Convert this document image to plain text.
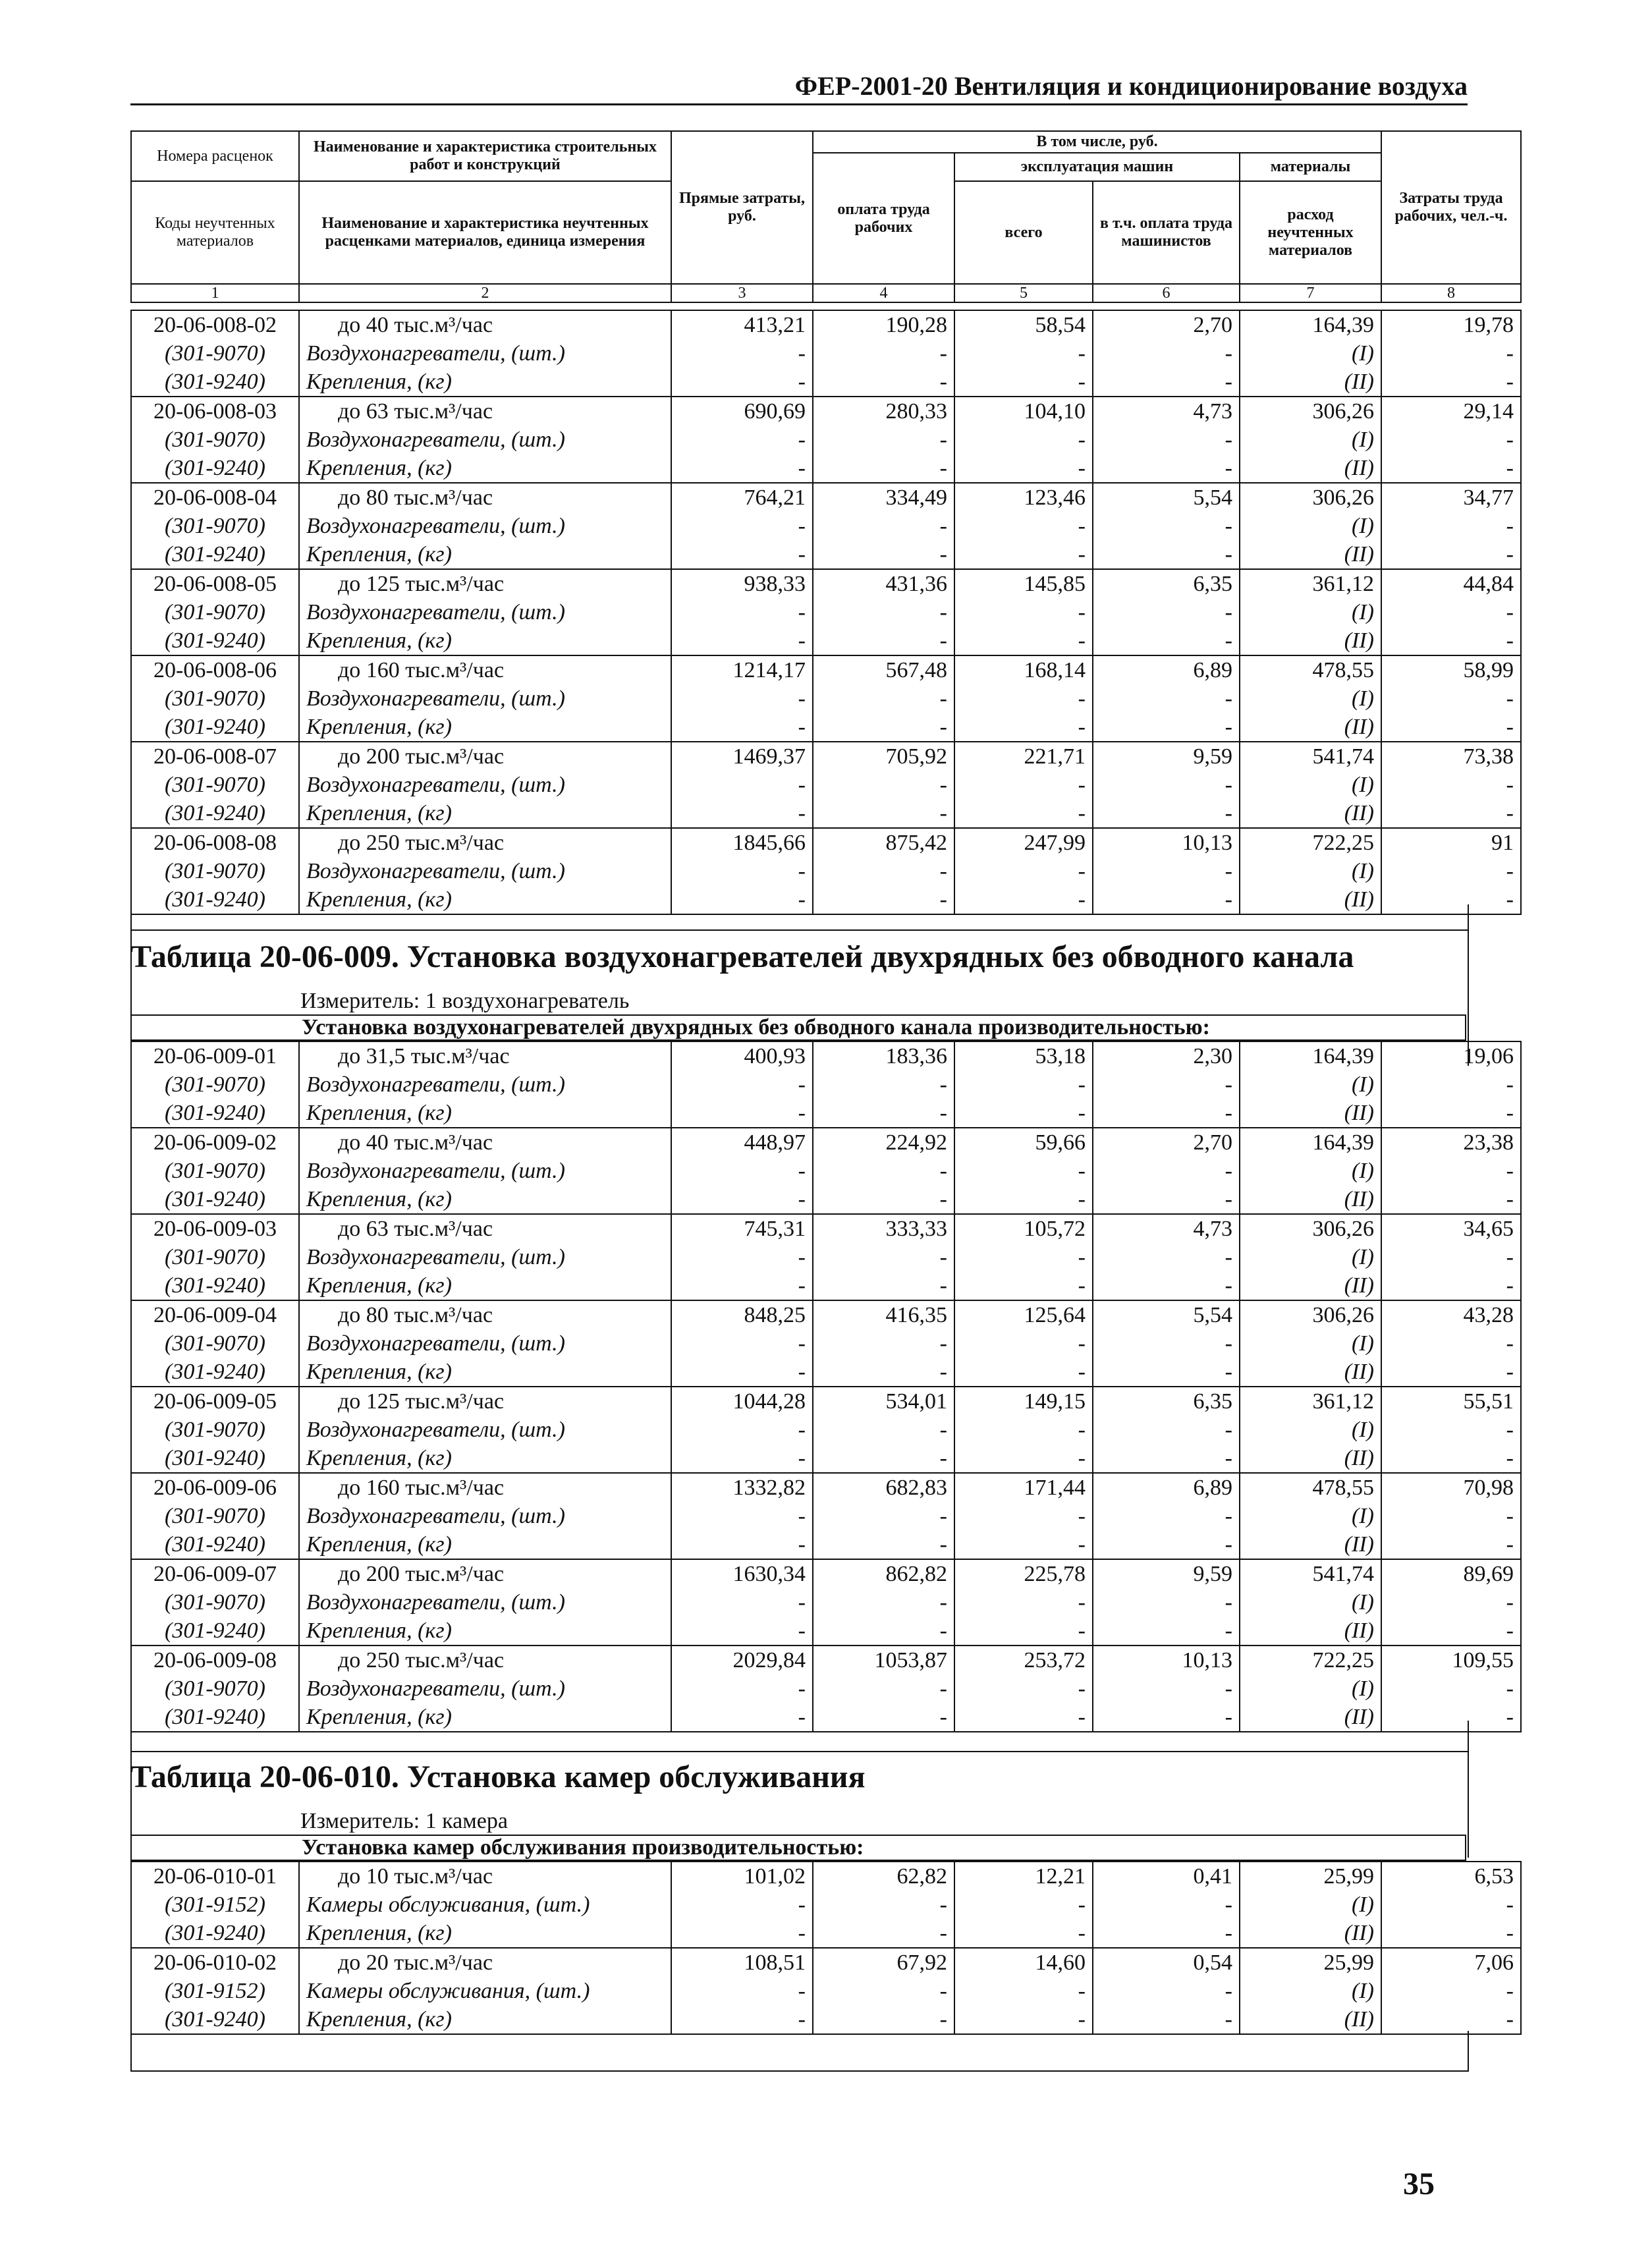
ФЕР-2001-20 Вентиляция и кондиционирование воздуха
Номера расценок	Наименование и характеристика строительных работ и конструкций	Прямые затраты, руб.	В том числе, руб.				Затраты труда рабочих, чел.-ч.
			оплата труда рабочих	эксплуатация машин		материалы	
Коды неучтенных материалов	Наименование и характеристика неучтенных расценками материалов, единица измерения			всего	в т.ч. оплата труда машинистов	расход неучтенных материалов	

1	2	3	4	5	6	7	8
20-06-008-02	до 40 тыс.м³/час	413,21	190,28	58,54	2,70	164,39	19,78
(301-9070)	Воздухонагреватели, (шт.)	-	-	-	-	(I)	-
(301-9240)	Крепления, (кг)	-	-	-	-	(II)	-
20-06-008-03	до 63 тыс.м³/час	690,69	280,33	104,10	4,73	306,26	29,14
(301-9070)	Воздухонагреватели, (шт.)	-	-	-	-	(I)	-
(301-9240)	Крепления, (кг)	-	-	-	-	(II)	-
20-06-008-04	до 80 тыс.м³/час	764,21	334,49	123,46	5,54	306,26	34,77
(301-9070)	Воздухонагреватели, (шт.)	-	-	-	-	(I)	-
(301-9240)	Крепления, (кг)	-	-	-	-	(II)	-
20-06-008-05	до 125 тыс.м³/час	938,33	431,36	145,85	6,35	361,12	44,84
(301-9070)	Воздухонагреватели, (шт.)	-	-	-	-	(I)	-
(301-9240)	Крепления, (кг)	-	-	-	-	(II)	-
20-06-008-06	до 160 тыс.м³/час	1214,17	567,48	168,14	6,89	478,55	58,99
(301-9070)	Воздухонагреватели, (шт.)	-	-	-	-	(I)	-
(301-9240)	Крепления, (кг)	-	-	-	-	(II)	-
20-06-008-07	до 200 тыс.м³/час	1469,37	705,92	221,71	9,59	541,74	73,38
(301-9070)	Воздухонагреватели, (шт.)	-	-	-	-	(I)	-
(301-9240)	Крепления, (кг)	-	-	-	-	(II)	-
20-06-008-08	до 250 тыс.м³/час	1845,66	875,42	247,99	10,13	722,25	91
(301-9070)	Воздухонагреватели, (шт.)	-	-	-	-	(I)	-
(301-9240)	Крепления, (кг)	-	-	-	-	(II)	-
Таблица 20-06-009. Установка воздухонагревателей двухрядных без обводного канала
Измеритель: 1 воздухонагреватель
Установка воздухонагревателей двухрядных без обводного канала производительностью:
20-06-009-01	до 31,5 тыс.м³/час	400,93	183,36	53,18	2,30	164,39	19,06
(301-9070)	Воздухонагреватели, (шт.)	-	-	-	-	(I)	-
(301-9240)	Крепления, (кг)	-	-	-	-	(II)	-
20-06-009-02	до 40 тыс.м³/час	448,97	224,92	59,66	2,70	164,39	23,38
(301-9070)	Воздухонагреватели, (шт.)	-	-	-	-	(I)	-
(301-9240)	Крепления, (кг)	-	-	-	-	(II)	-
20-06-009-03	до 63 тыс.м³/час	745,31	333,33	105,72	4,73	306,26	34,65
(301-9070)	Воздухонагреватели, (шт.)	-	-	-	-	(I)	-
(301-9240)	Крепления, (кг)	-	-	-	-	(II)	-
20-06-009-04	до 80 тыс.м³/час	848,25	416,35	125,64	5,54	306,26	43,28
(301-9070)	Воздухонагреватели, (шт.)	-	-	-	-	(I)	-
(301-9240)	Крепления, (кг)	-	-	-	-	(II)	-
20-06-009-05	до 125 тыс.м³/час	1044,28	534,01	149,15	6,35	361,12	55,51
(301-9070)	Воздухонагреватели, (шт.)	-	-	-	-	(I)	-
(301-9240)	Крепления, (кг)	-	-	-	-	(II)	-
20-06-009-06	до 160 тыс.м³/час	1332,82	682,83	171,44	6,89	478,55	70,98
(301-9070)	Воздухонагреватели, (шт.)	-	-	-	-	(I)	-
(301-9240)	Крепления, (кг)	-	-	-	-	(II)	-
20-06-009-07	до 200 тыс.м³/час	1630,34	862,82	225,78	9,59	541,74	89,69
(301-9070)	Воздухонагреватели, (шт.)	-	-	-	-	(I)	-
(301-9240)	Крепления, (кг)	-	-	-	-	(II)	-
20-06-009-08	до 250 тыс.м³/час	2029,84	1053,87	253,72	10,13	722,25	109,55
(301-9070)	Воздухонагреватели, (шт.)	-	-	-	-	(I)	-
(301-9240)	Крепления, (кг)	-	-	-	-	(II)	-
Таблица 20-06-010. Установка камер обслуживания
Измеритель: 1 камера
Установка камер обслуживания производительностью:
20-06-010-01	до 10 тыс.м³/час	101,02	62,82	12,21	0,41	25,99	6,53
(301-9152)	Камеры обслуживания, (шт.)	-	-	-	-	(I)	-
(301-9240)	Крепления, (кг)	-	-	-	-	(II)	-
20-06-010-02	до 20 тыс.м³/час	108,51	67,92	14,60	0,54	25,99	7,06
(301-9152)	Камеры обслуживания, (шт.)	-	-	-	-	(I)	-
(301-9240)	Крепления, (кг)	-	-	-	-	(II)	-
35
